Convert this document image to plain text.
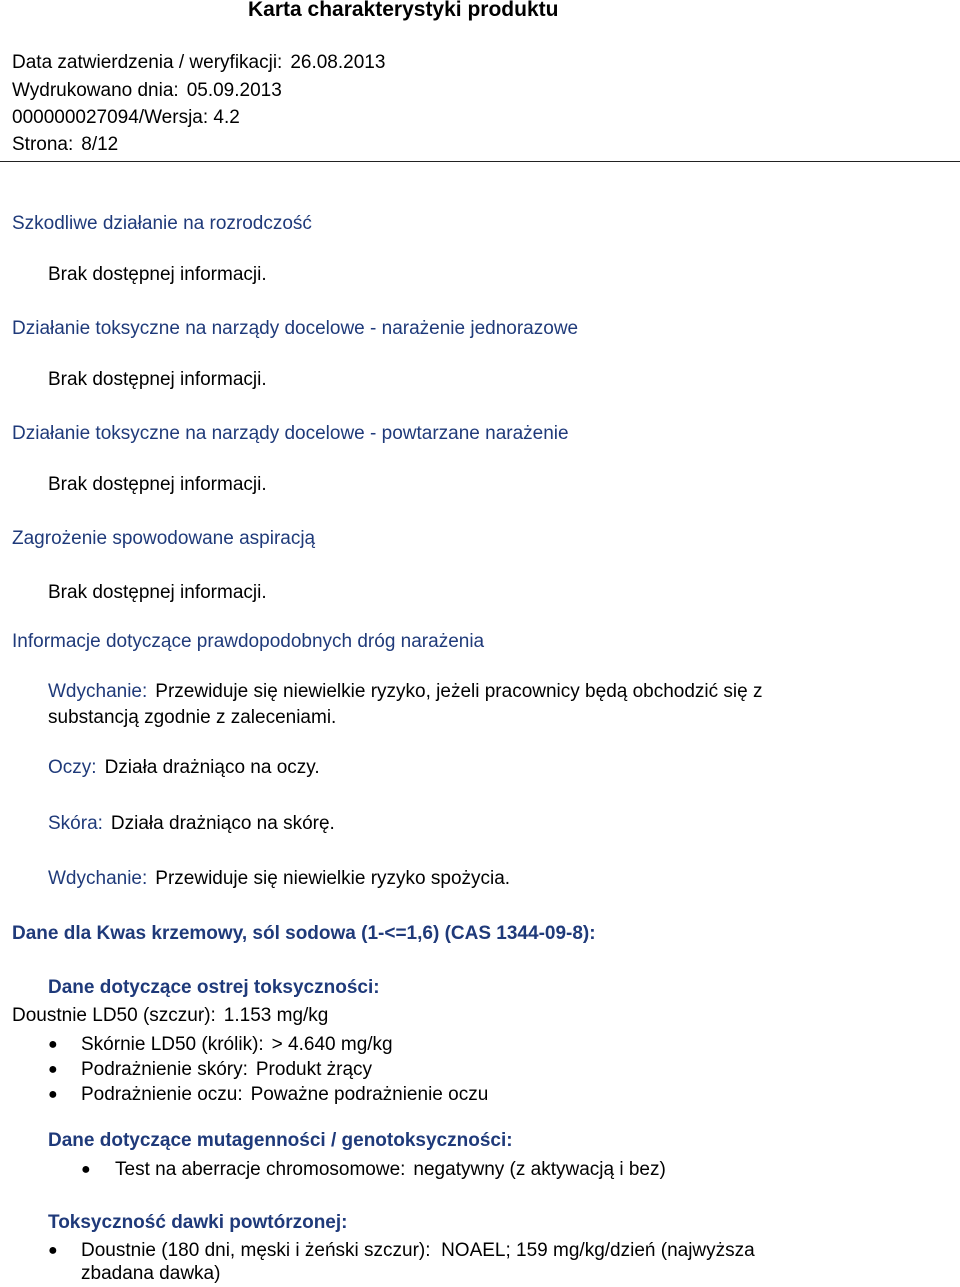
Karta charakterystyki produktu
Data zatwierdzenia / weryfikacji: 26.08.2013
Wydrukowano dnia: 05.09.2013
000000027094/Wersja: 4.2
Strona: 8/12
Szkodliwe działanie na rozrodczość
Brak dostępnej informacji.
Działanie toksyczne na narządy docelowe - narażenie jednorazowe
Brak dostępnej informacji.
Działanie toksyczne na narządy docelowe - powtarzane narażenie
Brak dostępnej informacji.
Zagrożenie spowodowane aspiracją
Brak dostępnej informacji.
Informacje dotyczące prawdopodobnych dróg narażenia
Wdychanie: Przewiduje się niewielkie ryzyko, jeżeli pracownicy będą obchodzić się z
substancją zgodnie z zaleceniami.
Oczy: Działa drażniąco na oczy.
Skóra: Działa drażniąco na skórę.
Wdychanie: Przewiduje się niewielkie ryzyko spożycia.
Dane dla Kwas krzemowy, sól sodowa (1-<=1,6) (CAS 1344-09-8):
Dane dotyczące ostrej toksyczności:
Doustnie LD50 (szczur): 1.153 mg/kg
● Skórnie LD50 (królik): > 4.640 mg/kg
● Podrażnienie skóry: Produkt żrący
● Podrażnienie oczu: Poważne podrażnienie oczu
Dane dotyczące mutagenności / genotoksyczności:
● Test na aberracje chromosomowe: negatywny (z aktywacją i bez)
Toksyczność dawki powtórzonej:
● Doustnie (180 dni, męski i żeński szczur):  NOAEL; 159 mg/kg/dzień (najwyższa
zbadana dawka)
